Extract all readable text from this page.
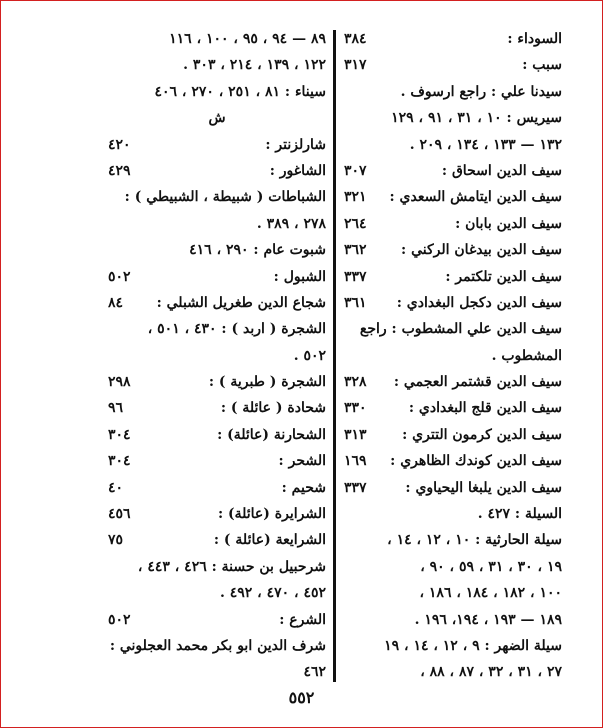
السوداء :
٣٨٤
سبب :
٣١٧
سيدنا علي : راجع ارسوف .
سيريس : ١٠ ، ٣١ ، ٩١ ، ١٢٩
١٣٢ — ١٣٣ ، ١٣٤ ، ٢٠٩ .
سيف الدين اسحاق :
٣٠٧
سيف الدين ايتامش السعدي :
٣٢١
سيف الدين بابان :
٢٦٤
سيف الدين بيدغان الركني :
٣٦٢
سيف الدين تلكتمر :
٣٣٧
سيف الدين دكجل البغدادي :
٣٦١
سيف الدين علي المشطوب : راجع
المشطوب .
سيف الدين قشتمر العجمي :
٣٢٨
سيف الدين قلج البغدادي :
٣٣٠
سيف الدين كرمون التتري :
٣١٣
سيف الدين كوندك الظاهري :
١٦٩
سيف الدين يلبغا اليحياوي :
٣٣٧
السيلة : ٤٢٧ .
سيلة الحارثية : ١٠ ، ١٢ ، ١٤ ،
١٩ ، ٣٠ ، ٣١ ، ٥٩ ، ٩٠ ،
١٠٠ ، ١٨٢ ، ١٨٤ ، ١٨٦ ،
١٨٩ — ١٩٣ ، ١٩٤، ١٩٦ .
سيلة الضهر : ٩ ، ١٢ ، ١٤ ، ١٩
٢٧ ، ٣١ ، ٣٢ ، ٨٧ ، ٨٨ ،
٨٩ — ٩٤ ، ٩٥ ، ١٠٠ ، ١١٦
١٢٢ ، ١٣٩ ، ٢١٤ ، ٣٠٣ .
سيناء : ٨١ ، ٢٥١ ، ٢٧٠ ، ٤٠٦
ش
شارلزنتر :
٤٢٠
الشاغور :
٤٢٩
الشباطات ( شبيطة ، الشبيطي ) :
٢٧٨ ، ٣٨٩ .
شبوت عام : ٢٩٠ ، ٤١٦
الشبول :
٥٠٢
شجاع الدين طغريل الشبلي :
٨٤
الشجرة ( اربد ) : ٤٣٠ ، ٥٠١ ،
٥٠٢ .
الشجرة ( طبرية ) :
٢٩٨
شحادة ( عائلة ) :
٩٦
الشحارنة (عائلة) :
٣٠٤
الشحر :
٣٠٤
شحيم :
٤٠
الشرايرة (عائلة) :
٤٥٦
الشرايعة (عائلة ) :
٧٥
شرحبيل بن حسنة : ٤٢٦ ، ٤٤٣ ،
٤٥٢ ، ٤٧٠ ، ٤٩٢ .
الشرع :
٥٠٢
شرف الدين ابو بكر محمد العجلوني :
٤٦٢
٥٥٢
